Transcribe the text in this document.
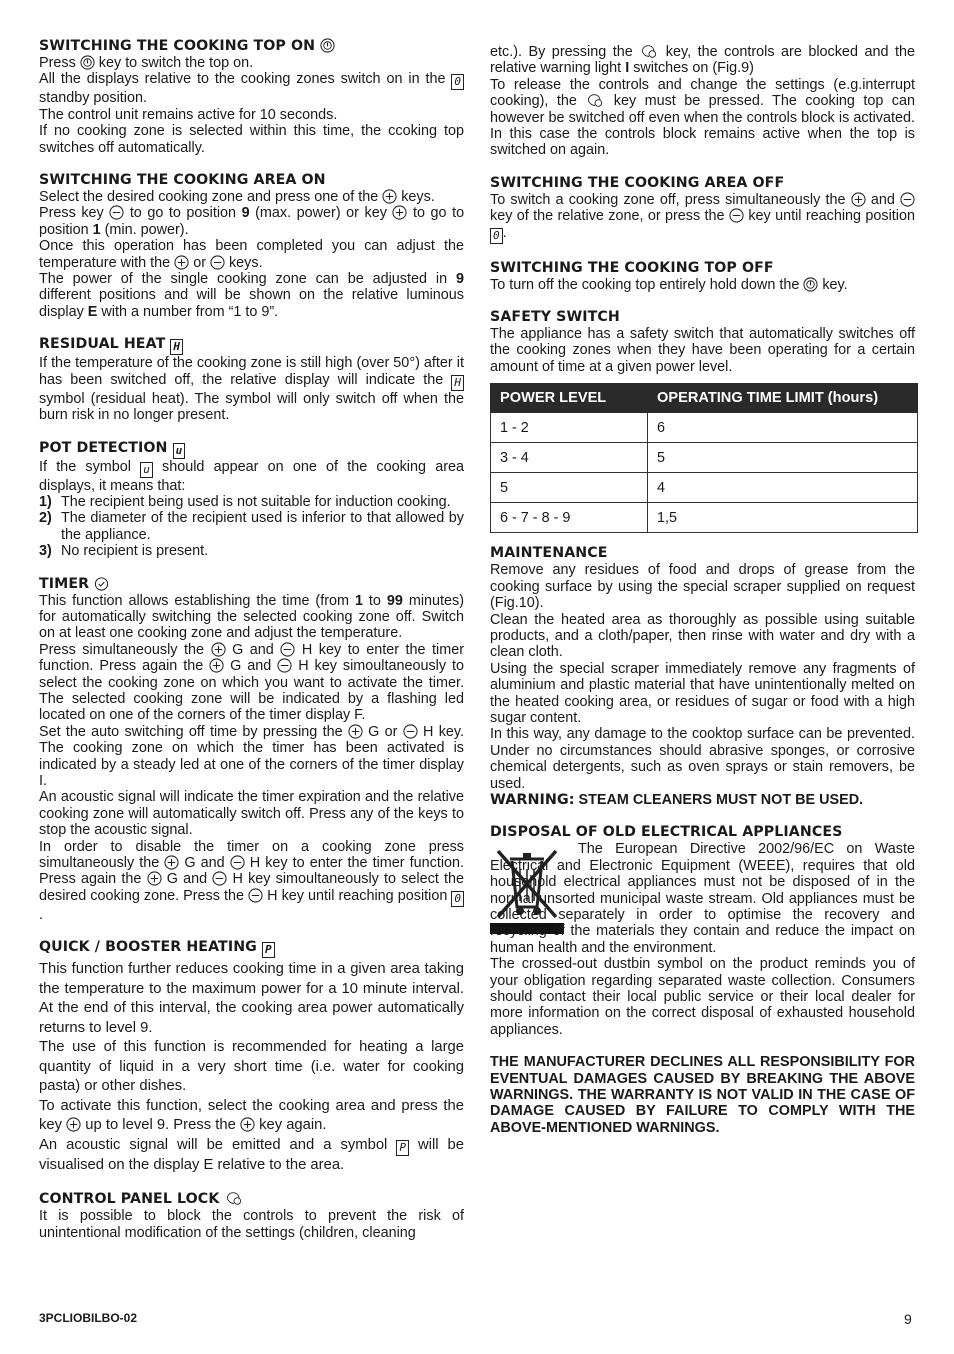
SWITCHING THE COOKING TOP ON

Press key to switch the top on.

All the displays relative to the cooking zones switch on in the 0 standby position.

The control unit remains active for 10 seconds.

If no cooking zone is selected within this time, the ccoking top switches off automatically.

SWITCHING THE COOKING AREA ON

Select the desired cooking zone and press one of the keys.

Press key to go to position 9 (max. power) or key to go to position 1 (min. power).

Once this operation has been completed you can adjust the temperature with the or keys.

The power of the single cooking zone can be adjusted in 9 different positions and will be shown on the relative luminous display E with a number from “1 to 9”.

RESIDUAL HEAT H

If the temperature of the cooking zone is still high (over 50°) after it has been switched off, the relative display will indicate the H symbol (residual heat). The symbol will only switch off when the burn risk in no longer present.

POT DETECTION u

If the symbol u should appear on one of the cooking area displays, it means that:

1) The recipient being used is not suitable for induction cooking.
2) The diameter of the recipient used is inferior to that allowed by the appliance.
3) No recipient is present.
TIMER

This function allows establishing the time (from 1 to 99 minutes) for automatically switching the selected cooking zone off. Switch on at least one cooking zone and adjust the temperature.

Press simultaneously the G and H key to enter the timer function. Press again the G and H key simoultaneously to select the cooking zone on which you want to activate the timer. The selected cooking zone will be indicated by a flashing led located on one of the corners of the timer display F.

Set the auto switching off time by pressing the G or H key. The cooking zone on which the timer has been activated is indicated by a steady led at one of the corners of the timer display I.

An acoustic signal will indicate the timer expiration and the relative cooking zone will automatically switch off. Press any of the keys to stop the acoustic signal.

In order to disable the timer on a cooking zone press simultaneously the G and H key to enter the timer function. Press again the G and H key simoultaneously to select the desired cooking zone. Press the H key until reaching position 0.

QUICK / BOOSTER HEATING P

This function further reduces cooking time in a given area taking the temperature to the maximum power for a 10 minute interval. At the end of this interval, the cooking area power automatically returns to level 9.

The use of this function is recommended for heating a large quantity of liquid in a very short time (i.e. water for cooking pasta) or other dishes.

To activate this function, select the cooking area and press the key up to level 9. Press the key again.

An acoustic signal will be emitted and a symbol P will be visualised on the display E relative to the area.

CONTROL PANEL LOCK

It is possible to block the controls to prevent the risk of unintentional modification of the settings (children, cleaning

etc.). By pressing the key, the controls are blocked and the relative warning light I switches on (Fig.9)

To release the controls and change the settings (e.g.interrupt cooking), the	key must be pressed. The cooking top can however be switched off even when the controls block is activated. In this case the controls block remains active when the top is switched on again.

SWITCHING THE COOKING AREA OFF

To switch a cooking zone off, press simultaneously the and  key of the relative zone, or press the key until reaching position 0 .

SWITCHING THE COOKING TOP OFF

To turn off the cooking top entirely hold down the key.

SAFETY SWITCH

The appliance has a safety switch that automatically switches off the cooking zones when they have been operating for a certain amount of time at a given power level.

POWER LEVEL	OPERATING TIME LIMIT (hours)
1 - 2	6
3 - 4	5
5	4
6 - 7 - 8 - 9	1,5
MAINTENANCE

Remove any residues of food and drops of grease from the cooking surface by using the special scraper supplied on request (Fig.10).

Clean the heated area as thoroughly as possible using suitable products, and a cloth/paper, then rinse with water and dry with a clean cloth.

Using the special scraper immediately remove any fragments of aluminium and plastic material that have unintentionally melted on the heated cooking area, or residues of sugar or food with a high sugar content.

In this way, any damage to the cooktop surface can be prevented. Under no circumstances should abrasive sponges, or corrosive chemical detergents, such as oven sprays or stain removers, be used.

WARNING: STEAM CLEANERS MUST NOT BE USED.

DISPOSAL OF OLD ELECTRICAL APPLIANCES

The European Directive 2002/96/EC on Waste Electrical and Electronic Equipment (WEEE), requires that old household electrical appliances must not be disposed of in the normal unsorted municipal waste stream. Old appliances must be collected separately in order to optimise the recovery and recycling of the materials they contain and reduce the impact on human health and the environment.

The crossed-out dustbin symbol on the product reminds you of your obligation regarding separated waste collection. Consumers should contact their local public service or their local dealer for more information on the correct disposal of exhausted household appliances.

THE MANUFACTURER DECLINES ALL RESPONSIBILITY FOR EVENTUAL DAMAGES CAUSED BY BREAKING THE ABOVE WARNINGS. THE WARRANTY IS NOT VALID IN THE CASE OF DAMAGE CAUSED BY FAILURE TO COMPLY WITH THE ABOVE-MENTIONED WARNINGS.

3PCLIOBILBO-02	9
